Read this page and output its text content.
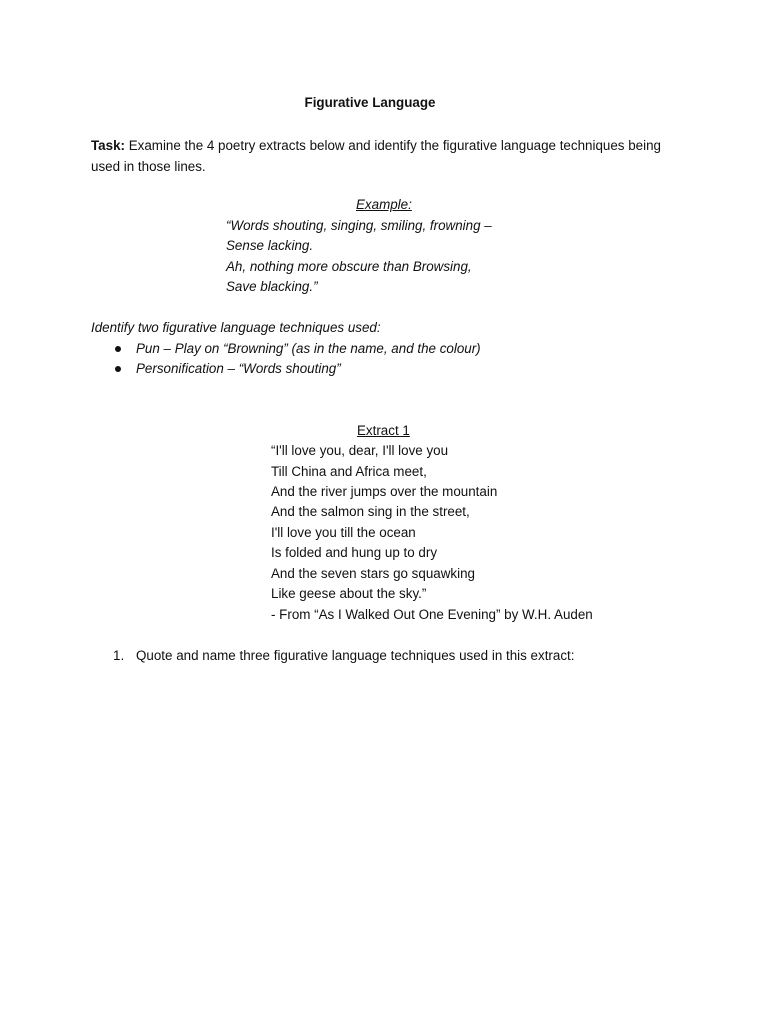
Figurative Language
Task: Examine the 4 poetry extracts below and identify the figurative language techniques being used in those lines.
Example:
“Words shouting, singing, smiling, frowning –
Sense lacking.
Ah, nothing more obscure than Browsing,
Save blacking.”
Identify two figurative language techniques used:
Pun – Play on “Browning” (as in the name, and the colour)
Personification – “Words shouting”
Extract 1
“I'll love you, dear, I'll love you
Till China and Africa meet,
And the river jumps over the mountain
And the salmon sing in the street,
I'll love you till the ocean
Is folded and hung up to dry
And the seven stars go squawking
Like geese about the sky.”
- From “As I Walked Out One Evening” by W.H. Auden
1. Quote and name three figurative language techniques used in this extract:
